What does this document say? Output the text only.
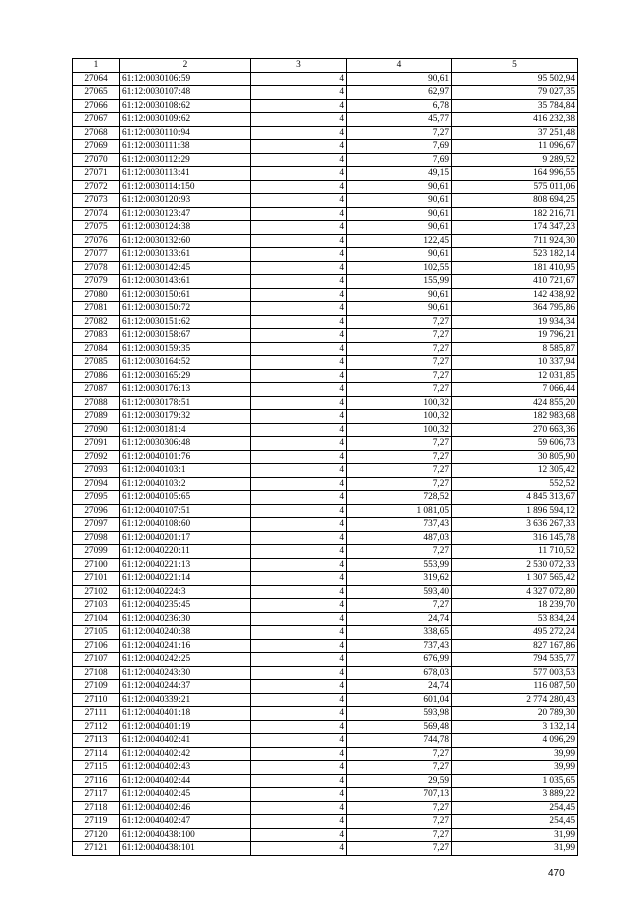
1	2	3	4	5
27064	61:12:0030106:59	4	90,61	95 502,94
27065	61:12:0030107:48	4	62,97	79 027,35
27066	61:12:0030108:62	4	6,78	35 784,84
27067	61:12:0030109:62	4	45,77	416 232,38
27068	61:12:0030110:94	4	7,27	37 251,48
27069	61:12:0030111:38	4	7,69	11 096,67
27070	61:12:0030112:29	4	7,69	9 289,52
27071	61:12:0030113:41	4	49,15	164 996,55
27072	61:12:0030114:150	4	90,61	575 011,06
27073	61:12:0030120:93	4	90,61	808 694,25
27074	61:12:0030123:47	4	90,61	182 216,71
27075	61:12:0030124:38	4	90,61	174 347,23
27076	61:12:0030132:60	4	122,45	711 924,30
27077	61:12:0030133:61	4	90,61	523 182,14
27078	61:12:0030142:45	4	102,55	181 410,95
27079	61:12:0030143:61	4	155,99	410 721,67
27080	61:12:0030150:61	4	90,61	142 438,92
27081	61:12:0030150:72	4	90,61	364 795,86
27082	61:12:0030151:62	4	7,27	19 934,34
27083	61:12:0030158:67	4	7,27	19 796,21
27084	61:12:0030159:35	4	7,27	8 585,87
27085	61:12:0030164:52	4	7,27	10 337,94
27086	61:12:0030165:29	4	7,27	12 031,85
27087	61:12:0030176:13	4	7,27	7 066,44
27088	61:12:0030178:51	4	100,32	424 855,20
27089	61:12:0030179:32	4	100,32	182 983,68
27090	61:12:0030181:4	4	100,32	270 663,36
27091	61:12:0030306:48	4	7,27	59 606,73
27092	61:12:0040101:76	4	7,27	30 805,90
27093	61:12:0040103:1	4	7,27	12 305,42
27094	61:12:0040103:2	4	7,27	552,52
27095	61:12:0040105:65	4	728,52	4 845 313,67
27096	61:12:0040107:51	4	1 081,05	1 896 594,12
27097	61:12:0040108:60	4	737,43	3 636 267,33
27098	61:12:0040201:17	4	487,03	316 145,78
27099	61:12:0040220:11	4	7,27	11 710,52
27100	61:12:0040221:13	4	553,99	2 530 072,33
27101	61:12:0040221:14	4	319,62	1 307 565,42
27102	61:12:0040224:3	4	593,40	4 327 072,80
27103	61:12:0040235:45	4	7,27	18 239,70
27104	61:12:0040236:30	4	24,74	53 834,24
27105	61:12:0040240:38	4	338,65	495 272,24
27106	61:12:0040241:16	4	737,43	827 167,86
27107	61:12:0040242:25	4	676,99	794 535,77
27108	61:12:0040243:30	4	678,03	577 003,53
27109	61:12:0040244:37	4	24,74	116 087,50
27110	61:12:0040339:21	4	601,04	2 774 280,43
27111	61:12:0040401:18	4	593,98	20 789,30
27112	61:12:0040401:19	4	569,48	3 132,14
27113	61:12:0040402:41	4	744,78	4 096,29
27114	61:12:0040402:42	4	7,27	39,99
27115	61:12:0040402:43	4	7,27	39,99
27116	61:12:0040402:44	4	29,59	1 035,65
27117	61:12:0040402:45	4	707,13	3 889,22
27118	61:12:0040402:46	4	7,27	254,45
27119	61:12:0040402:47	4	7,27	254,45
27120	61:12:0040438:100	4	7,27	31,99
27121	61:12:0040438:101	4	7,27	31,99
470
